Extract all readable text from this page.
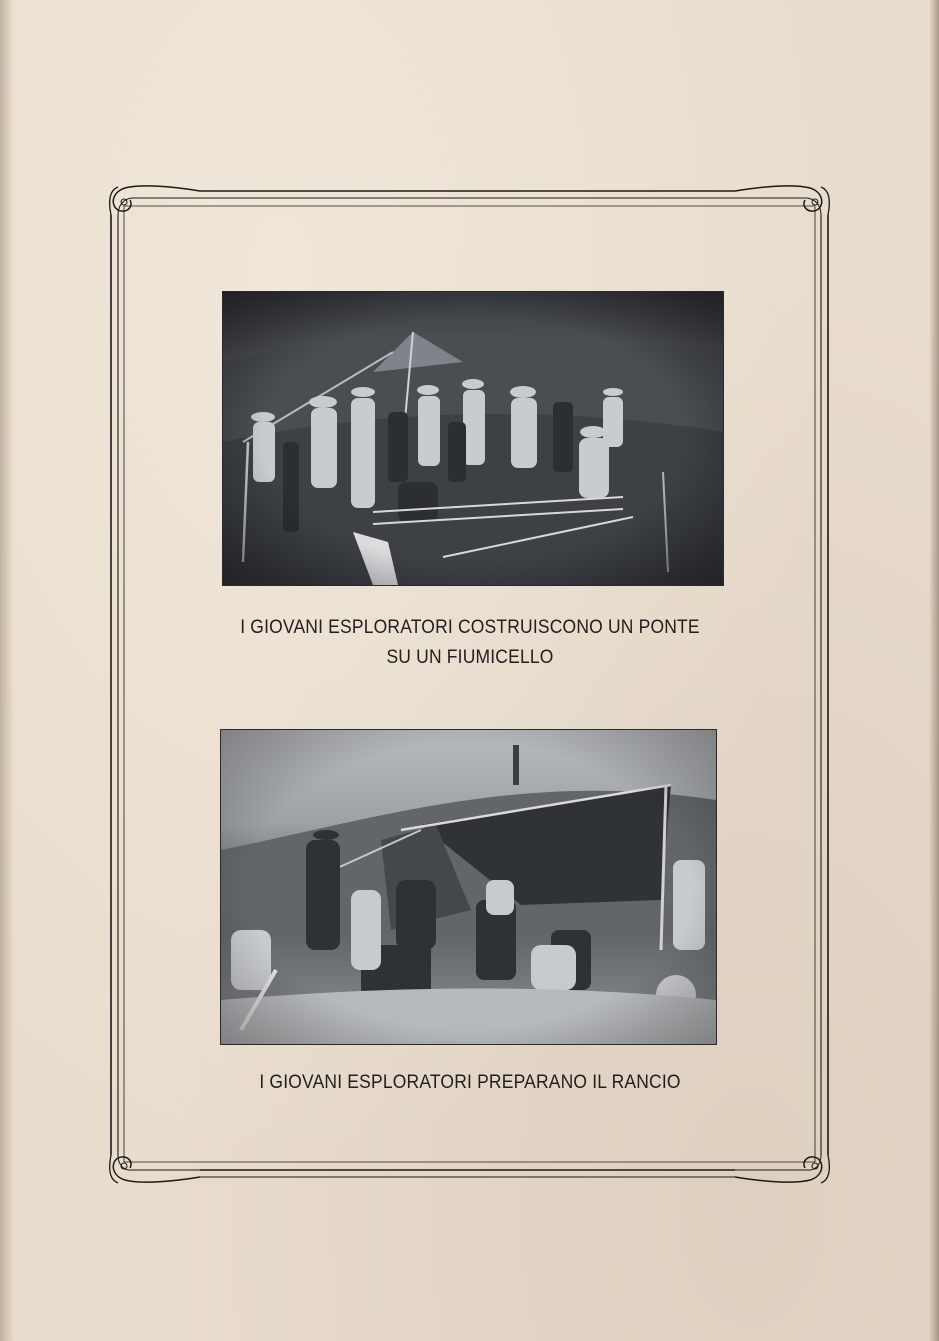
I GIOVANI ESPLORATORI COSTRUISCONO UN PONTE
SU UN FIUMICELLO
I GIOVANI ESPLORATORI PREPARANO IL RANCIO
